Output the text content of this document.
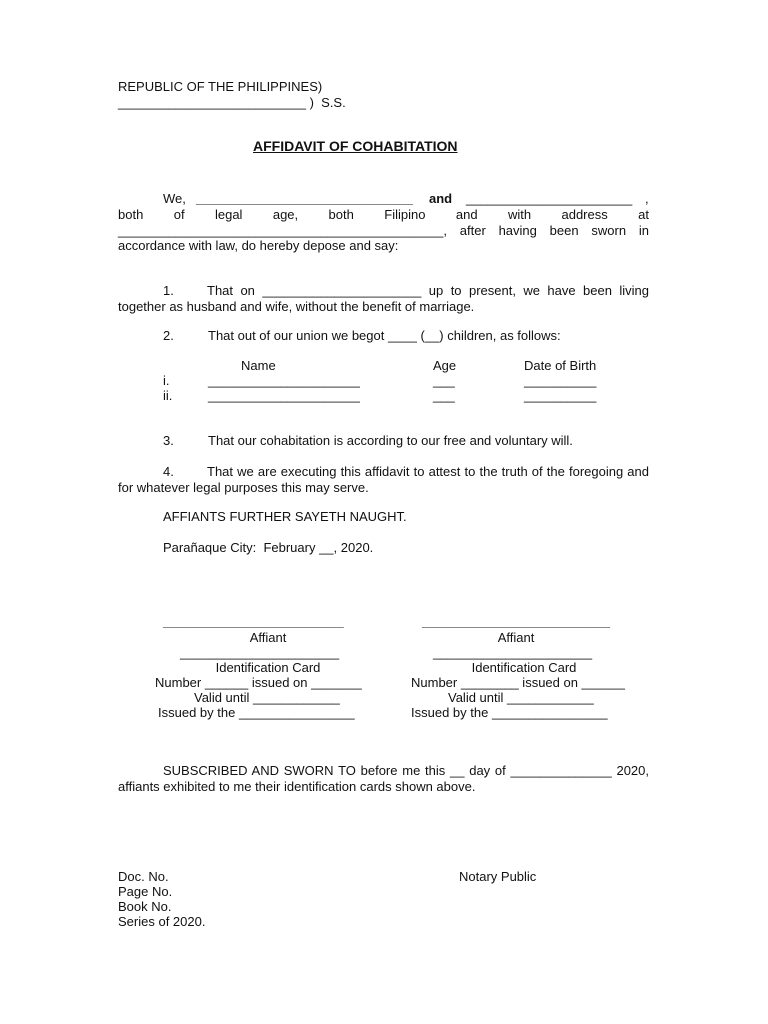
REPUBLIC OF THE PHILIPPINES)
__________________________ )  S.S.
AFFIDAVIT OF COHABITATION
We, ______________________________ and _______________________ ,
both of legal age, both Filipino and with address at _____________________________________________, after having been sworn in accordance with law, do hereby depose and say:
1.	That on ______________________ up to present, we have been living together as husband and wife, without the benefit of marriage.
2.	That out of our union we begot ____ (__) children, as follows:
Name	Age	Date of Birth
i.	_____________________	___	__________
ii.	_____________________	___	__________
3.	That our cohabitation is according to our free and voluntary will.
4.	That we are executing this affidavit to attest to the truth of the foregoing and for whatever legal purposes this may serve.
AFFIANTS FURTHER SAYETH NAUGHT.
Parañaque City:  February __, 2020.
_________________________
Affiant
______________________
Identification Card
Number ______ issued on _______
Valid until ____________
Issued by the ________________
__________________________
Affiant
______________________
Identification Card
Number ________ issued on ______
Valid until ____________
Issued by the ________________
SUBSCRIBED AND SWORN TO before me this __ day of ______________ 2020, affiants exhibited to me their identification cards shown above.
Notary Public
Doc. No.
Page No.
Book No.
Series of 2020.
